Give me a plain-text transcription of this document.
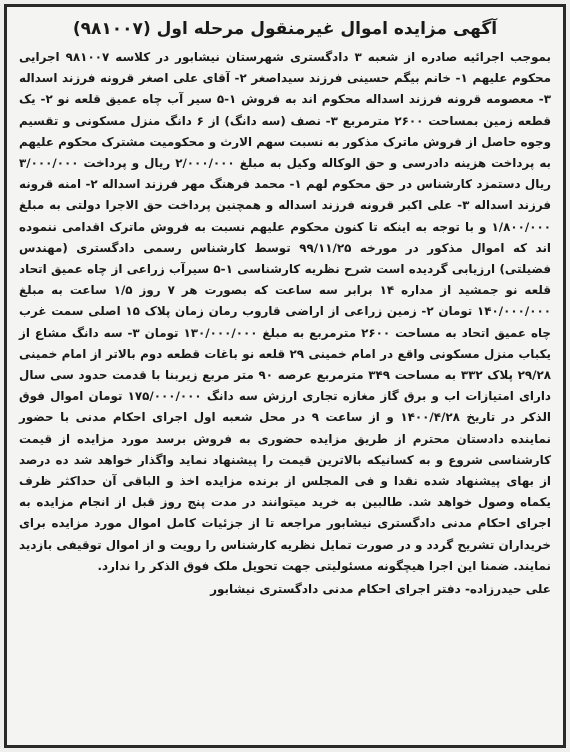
آگهی مزایده اموال غیرمنقول مرحله اول (۹۸۱۰۰۷)

بموجب اجرائیه صادره از شعبه ۳ دادگستری شهرستان نیشابور در کلاسه ۹۸۱۰۰۷ اجرایی محکوم علیهم ۱- خانم بیگم حسینی فرزند سیداصغر ۲- آقای علی اصغر قرونه فرزند اسداله ۳- معصومه قرونه فرزند اسداله محکوم اند به فروش ۱-۵ سیر آب چاه عمیق قلعه نو ۲- یک قطعه زمین بمساحت ۲۶۰۰ مترمربع ۳- نصف (سه دانگ) از ۶ دانگ منزل مسکونی و تقسیم وجوه حاصل از فروش ماترک مذکور به نسبت سهم الارث و محکومیت مشترک محکوم علیهم به پرداخت هزینه دادرسی و حق الوکاله وکیل به مبلغ ۲/۰۰۰/۰۰۰ ریال و پرداخت ۳/۰۰۰/۰۰۰ ریال دستمزد کارشناس در حق محکوم لهم ۱- محمد فرهنگ مهر فرزند اسداله ۲- امنه قرونه فرزند اسداله ۳- علی اکبر قرونه فرزند اسداله و همچنین پرداخت حق الاجرا دولتی به مبلغ ۱/۸۰۰/۰۰۰ و با توجه به اینکه تا کنون محکوم علیهم نسبت به فروش ماترک اقدامی ننموده اند که اموال مذکور در مورخه ۹۹/۱۱/۲۵ توسط کارشناس رسمی دادگستری (مهندس فضیلتی) ارزیابی گردیده است شرح نظریه کارشناسی ۱-۵ سیرآب زراعی از چاه عمیق اتحاد قلعه نو جمشید از مداره ۱۴ برابر سه ساعت که بصورت هر ۷ روز ۱/۵ ساعت به مبلغ ۱۴۰/۰۰۰/۰۰۰ تومان ۲- زمین زراعی از اراضی قاروب رمان زمان پلاک ۱۵ اصلی سمت غرب چاه عمیق اتحاد به مساحت ۲۶۰۰ مترمربع به مبلغ ۱۳۰/۰۰۰/۰۰۰ تومان ۳- سه دانگ مشاع از یکباب منزل مسکونی واقع در امام خمینی ۲۹ قلعه نو باغات قطعه دوم بالاتر از امام خمینی ۲۹/۲۸ پلاک ۳۳۲ به مساحت ۳۴۹ مترمربع عرصه ۹۰ متر مربع زیربنا با قدمت حدود سی سال دارای امتیازات اب و برق گاز مغازه تجاری ارزش سه دانگ ۱۷۵/۰۰۰/۰۰۰ تومان اموال فوق الذکر در تاریخ ۱۴۰۰/۴/۲۸ و از ساعت ۹ در محل شعبه اول اجرای احکام مدنی با حضور نماینده دادستان محترم از طریق مزایده حضوری به فروش برسد مورد مزایده از قیمت کارشناسی شروع و به کسانیکه بالاترین قیمت را پیشنهاد نماید واگذار خواهد شد ده درصد از بهای پیشنهاد شده نقدا و فی المجلس از برنده مزایده اخذ و الباقی آن حداکثر ظرف یکماه وصول خواهد شد. طالبین به خرید میتوانند در مدت پنج روز قبل از انجام مزایده به اجرای احکام مدنی دادگستری نیشابور مراجعه تا از جزئیات کامل اموال مورد مزایده برای خریداران تشریح گردد و در صورت تمایل نظریه کارشناس را رویت و از اموال توقیفی بازدید نمایند. ضمنا این اجرا هیچگونه مسئولیتی جهت تحویل ملک فوق الذکر را ندارد.

علی حیدرزاده- دفتر اجرای احکام مدنی دادگستری نیشابور
